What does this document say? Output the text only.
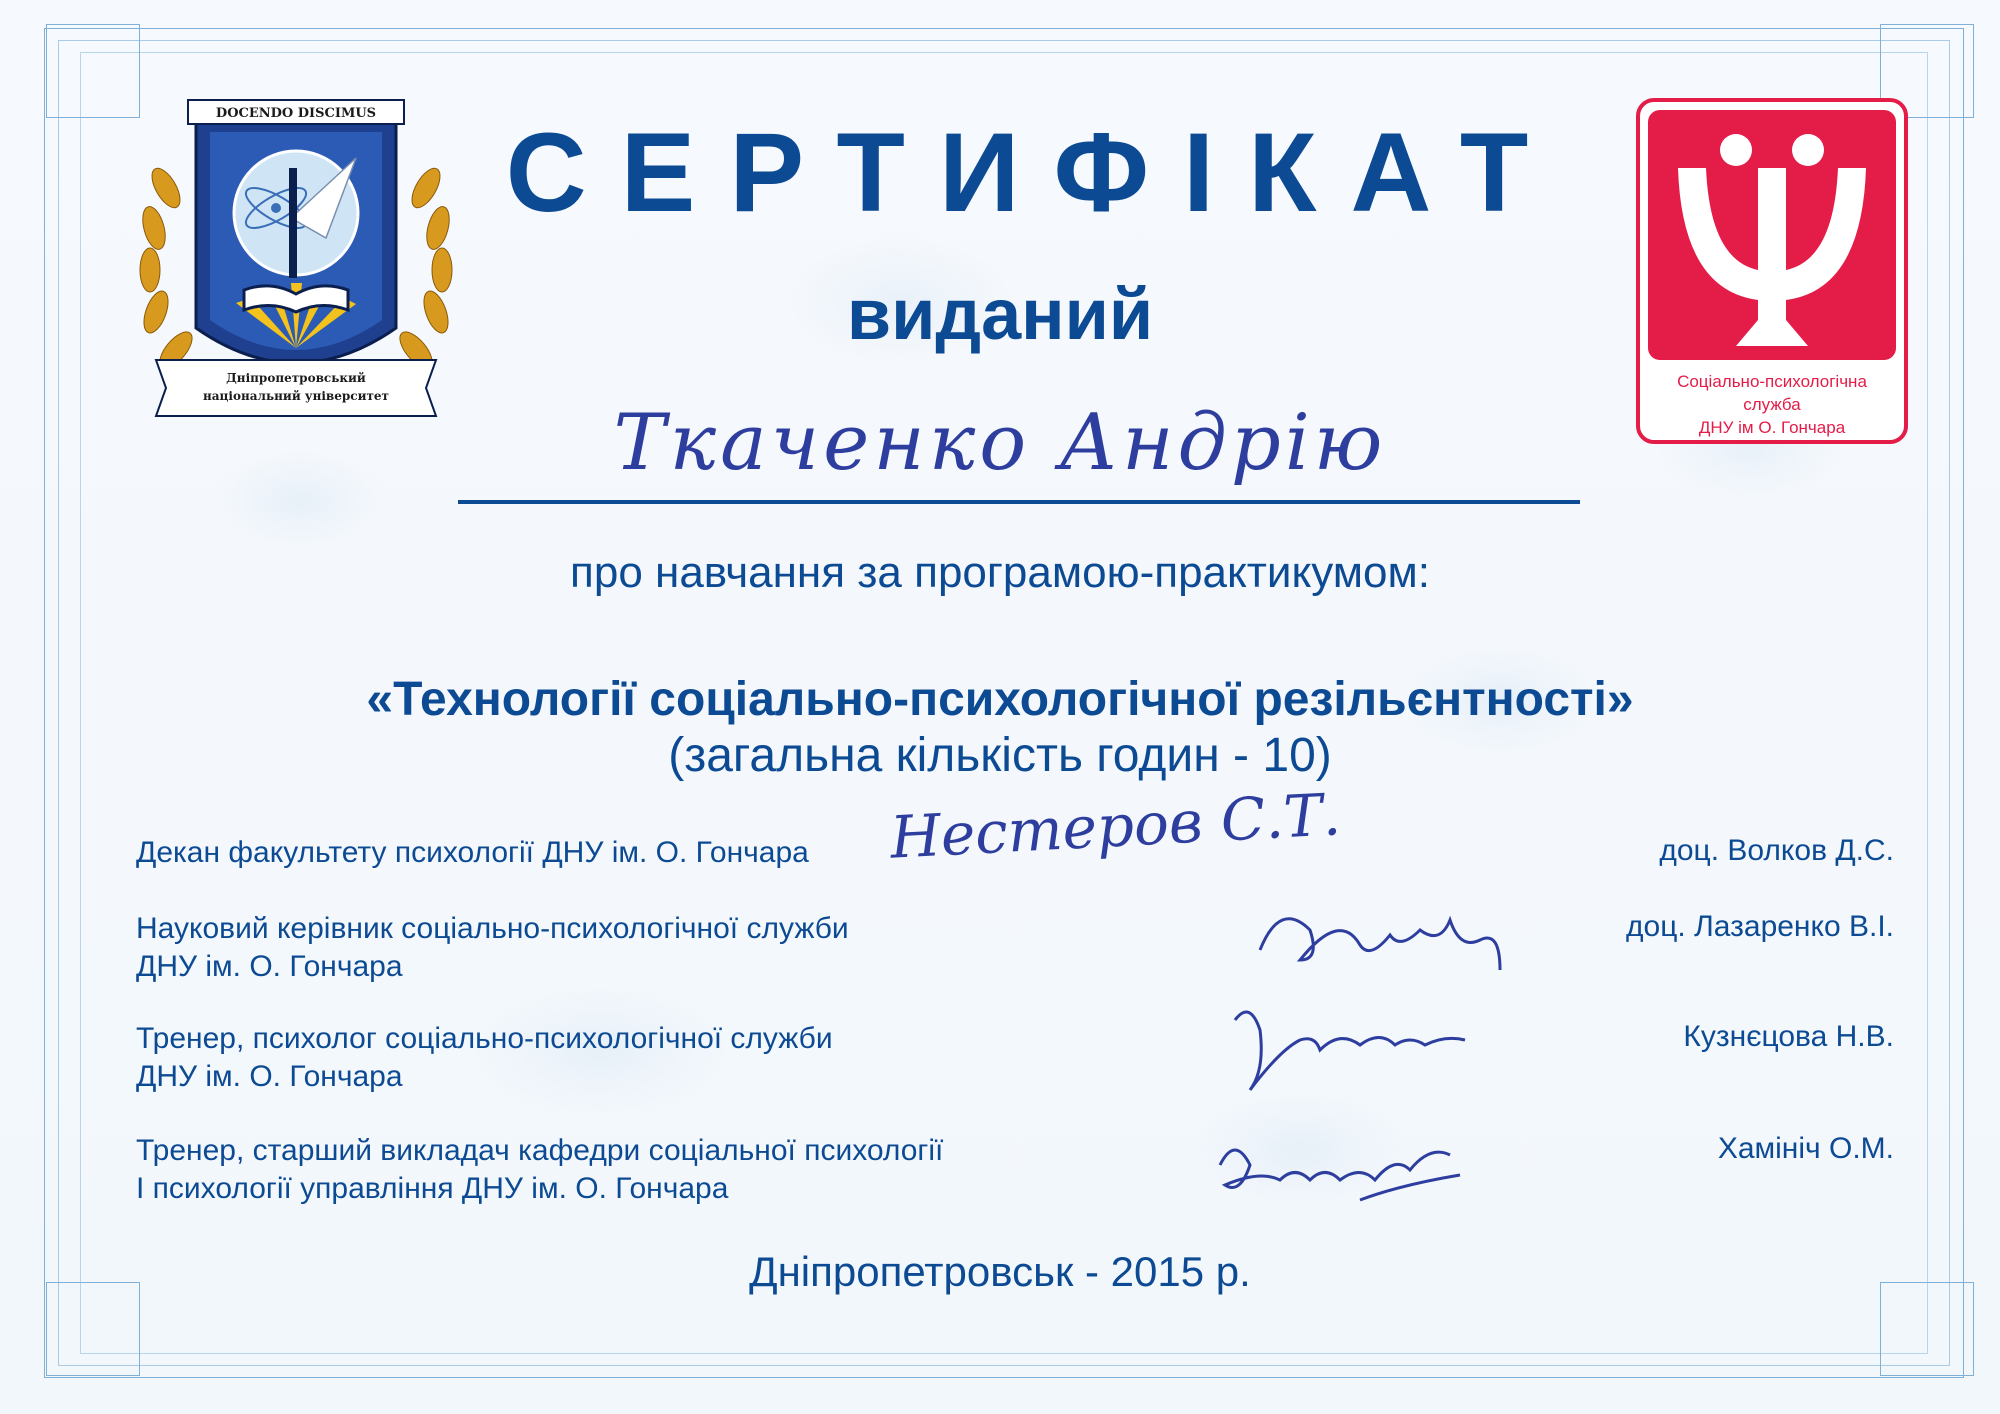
DOCENDO DISCIMUS
Дніпропетровський
національний університет
Соціально-психологічна
служба
ДНУ ім О. Гончара
СЕРТИФІКАТ

виданий

Ткаченко Андрію

про навчання за програмою-практикумом:

«Технології соціально-психологічної резільєнтності»

(загальна кількість годин - 10)

Декан факультету психології ДНУ ім. О. Гончара	доц. Волков Д.С.
Науковий керівник соціально-психологічної служби
ДНУ ім. О. Гончара
доц. Лазаренко В.І.
Тренер, психолог соціально-психологічної служби
ДНУ ім. О. Гончара
Кузнєцова Н.В.
Тренер, старший викладач кафедри соціальної психології
І психології управління ДНУ ім. О. Гончара
Хамініч О.М.
Нестеров С.Т.

Дніпропетровськ - 2015 р.
